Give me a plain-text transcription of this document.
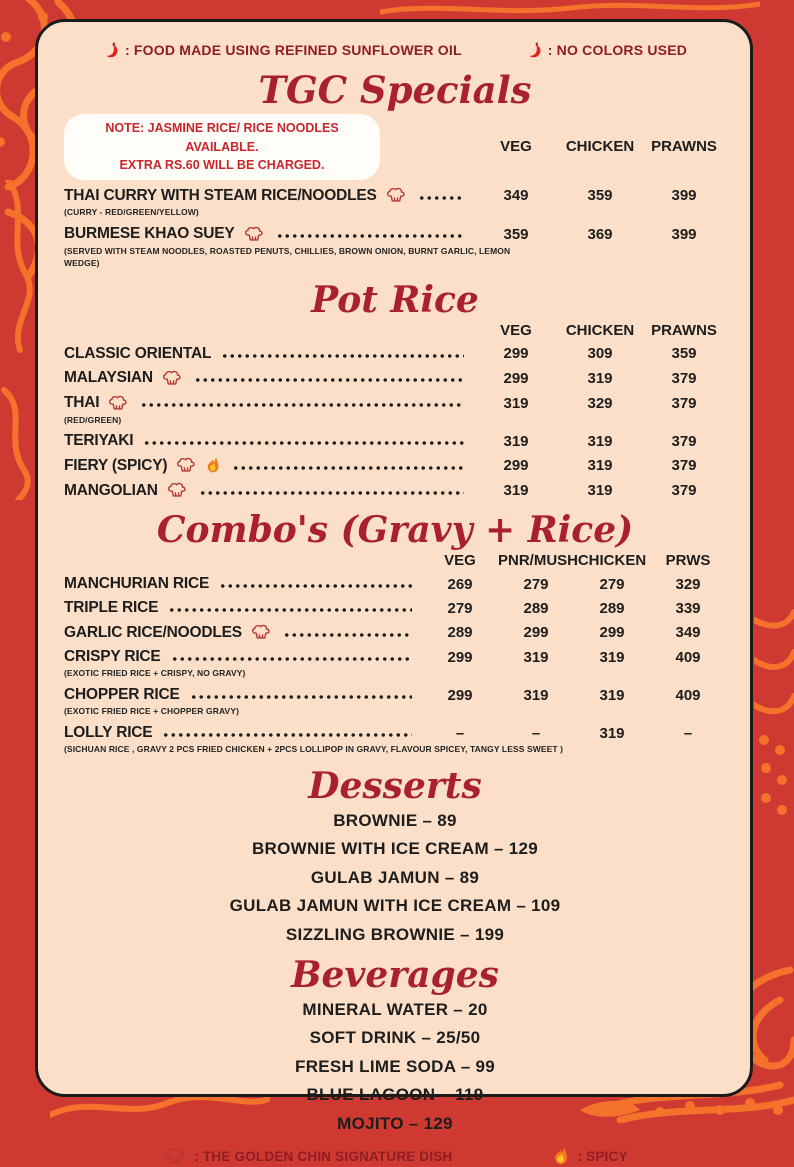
: FOOD MADE USING REFINED SUNFLOWER OIL	: NO COLORS USED
TGC Specials
NOTE: JASMINE RICE/ RICE NOODLES AVAILABLE.
EXTRA RS.60 WILL BE CHARGED.
VEG	CHICKEN	PRAWNS
THAI CURRY WITH STEAM RICE/NOODLES	349	359	399
(CURRY - RED/GREEN/YELLOW)
BURMESE KHAO SUEY	359	369	399
(SERVED WITH STEAM NOODLES, ROASTED PENUTS, CHILLIES, BROWN ONION, BURNT GARLIC, LEMON WEDGE)
Pot Rice
VEG	CHICKEN	PRAWNS
CLASSIC ORIENTAL	299	309	359
MALAYSIAN	299	319	379
THAI	319	329	379
(RED/GREEN)
TERIYAKI	319	319	379
FIERY (SPICY)	299	319	379
MANGOLIAN	319	319	379
Combo's (Gravy + Rice)
VEG	PNR/MUSH CHICKEN	PRWS
MANCHURIAN RICE	269	279	279	329
TRIPLE RICE	279	289	289	339
GARLIC RICE/NOODLES	289	299	299	349
CRISPY RICE	299	319	319	409
(EXOTIC FRIED RICE + CRISPY, NO GRAVY)
CHOPPER RICE	299	319	319	409
(EXOTIC FRIED RICE + CHOPPER GRAVY)
LOLLY RICE	–	–	319	–
(SICHUAN RICE , GRAVY 2 PCS FRIED CHICKEN + 2PCS LOLLIPOP IN GRAVY, FLAVOUR SPICEY, TANGY LESS SWEET )
Desserts
BROWNIE – 89
BROWNIE WITH ICE CREAM – 129
GULAB JAMUN – 89
GULAB JAMUN WITH ICE CREAM – 109
SIZZLING BROWNIE – 199
Beverages
MINERAL WATER – 20
SOFT DRINK – 25/50
FRESH LIME SODA – 99
BLUE LAGOON – 119
MOJITO – 129
: THE GOLDEN CHIN SIGNATURE DISH	: SPICY
